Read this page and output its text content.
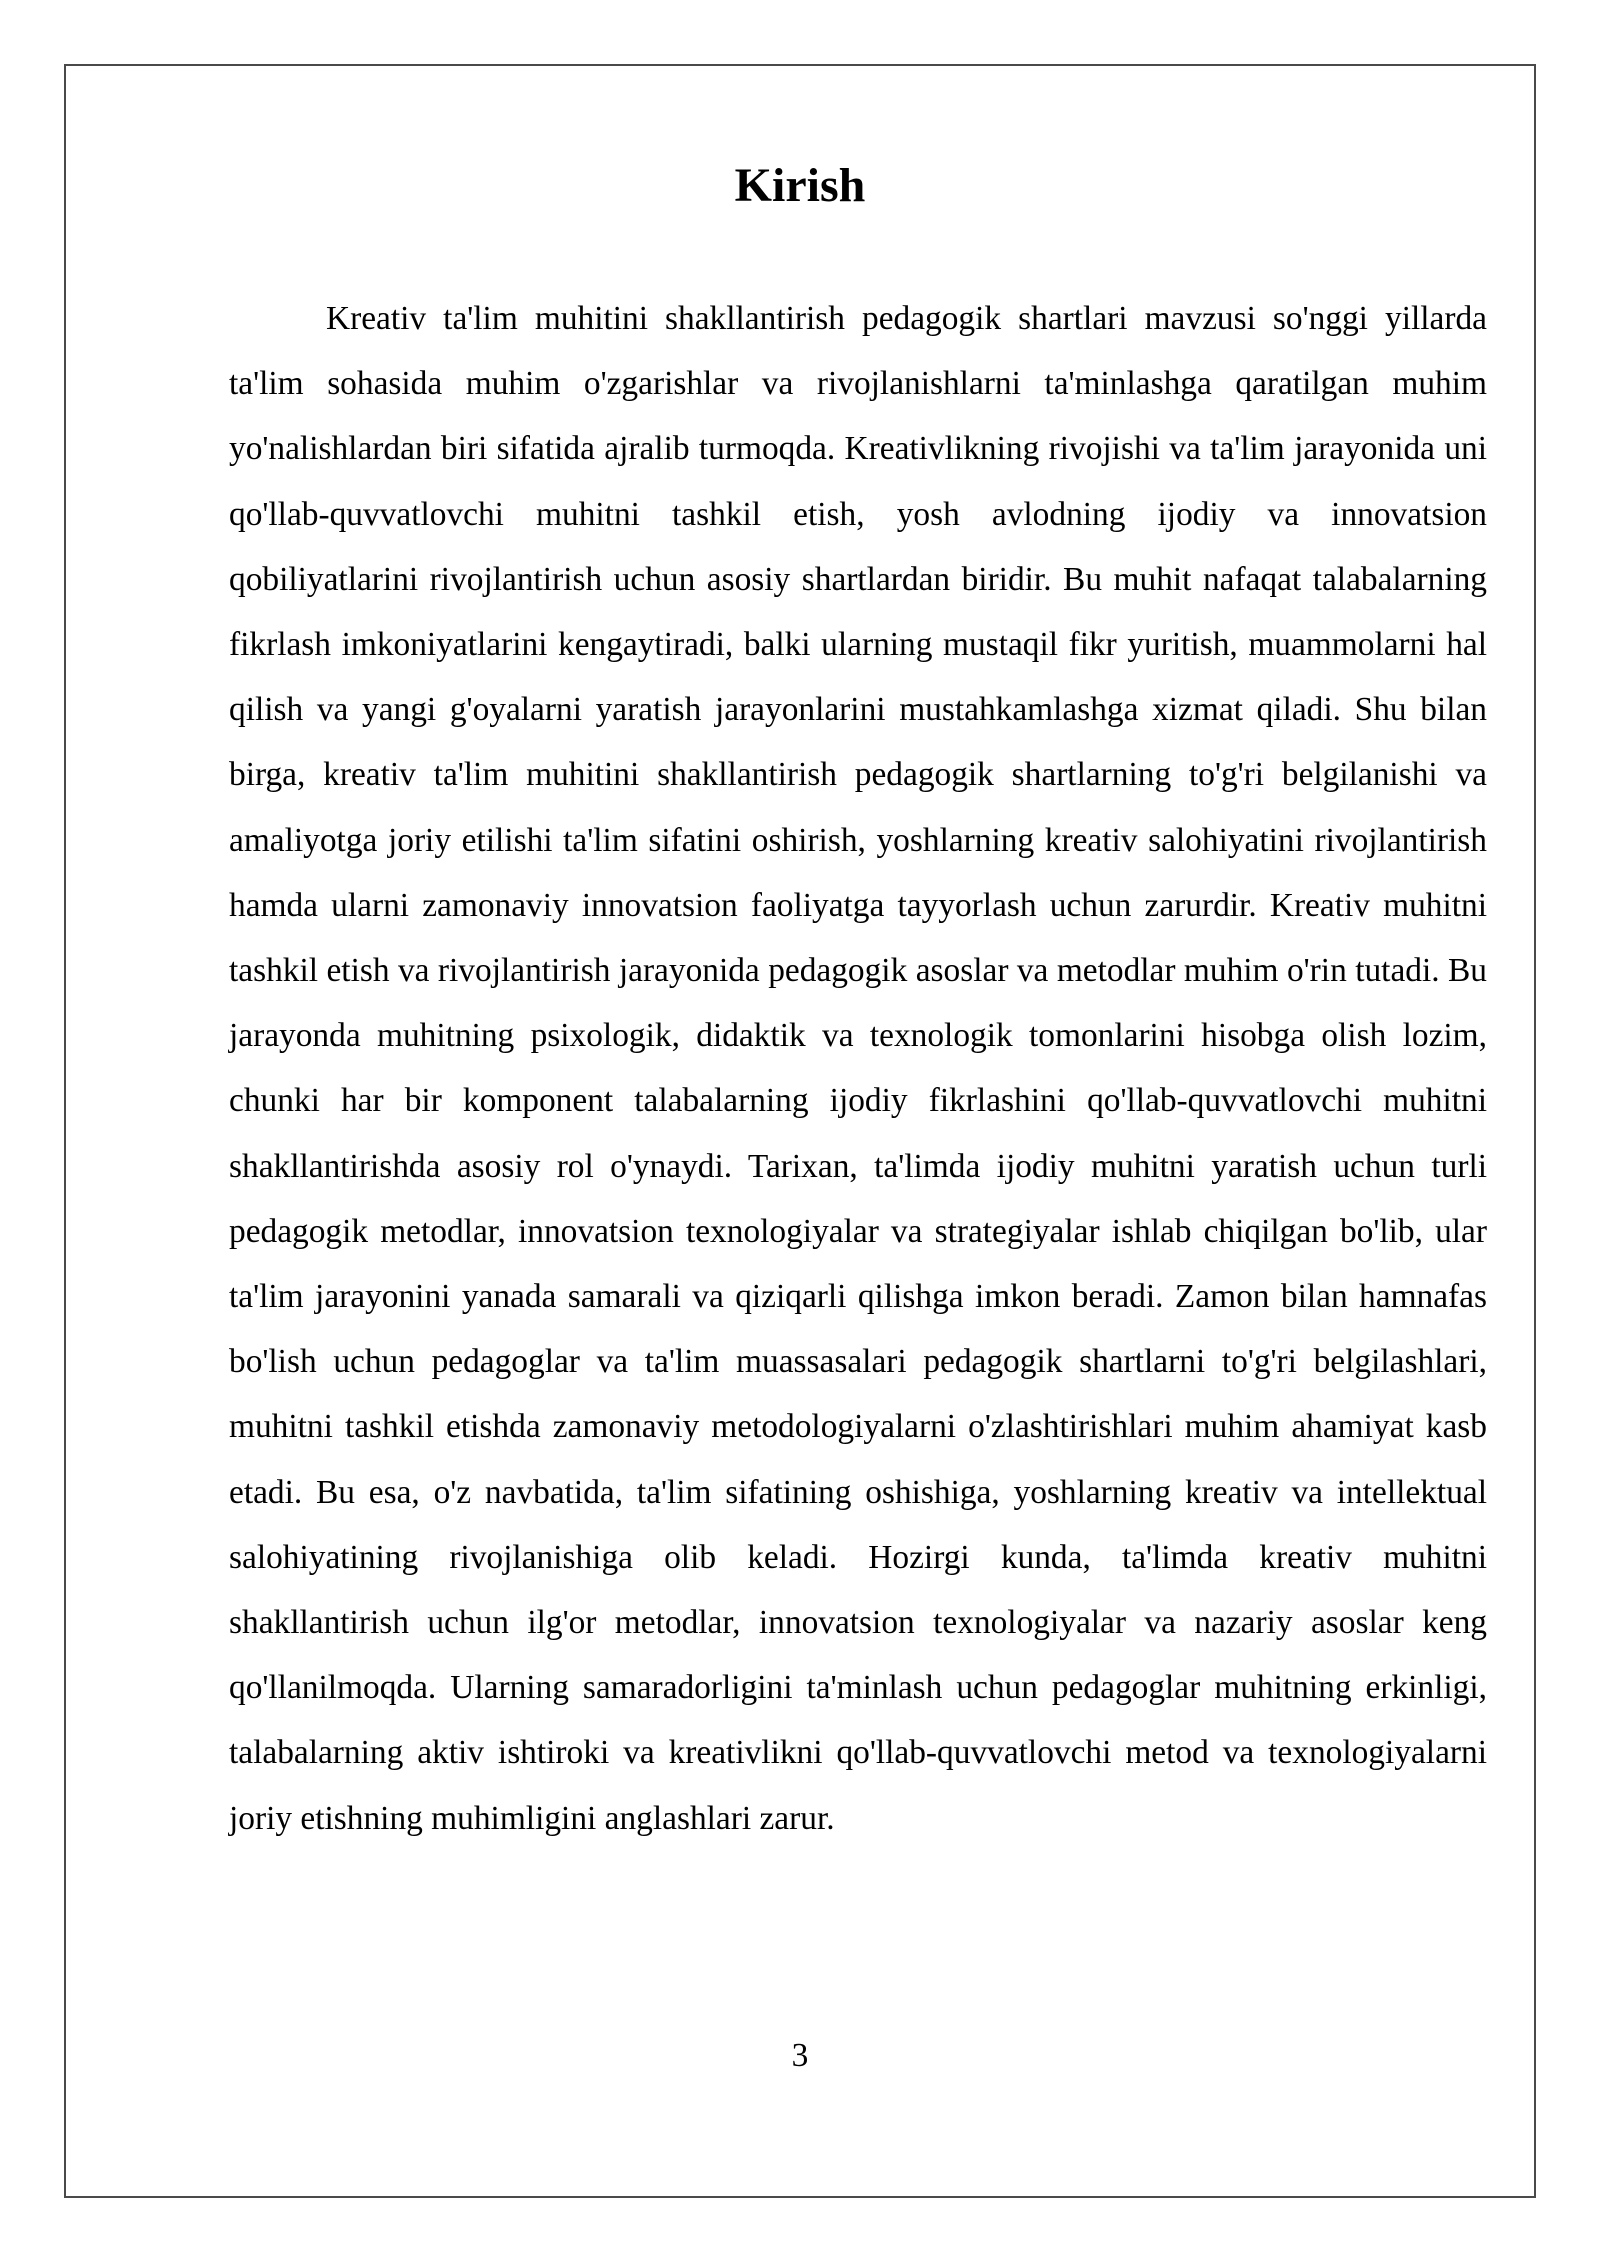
Kirish

Kreativ ta'lim muhitini shakllantirish pedagogik shartlari mavzusi so'nggi yillarda ta'lim sohasida muhim o'zgarishlar va rivojlanishlarni ta'minlashga qaratilgan muhim yo'nalishlardan biri sifatida ajralib turmoqda. Kreativlikning rivojishi va ta'lim jarayonida uni qo'llab-quvvatlovchi muhitni tashkil etish, yosh avlodning ijodiy va innovatsion qobiliyatlarini rivojlantirish uchun asosiy shartlardan biridir. Bu muhit nafaqat talabalarning fikrlash imkoniyatlarini kengaytiradi, balki ularning mustaqil fikr yuritish, muammolarni hal qilish va yangi g'oyalarni yaratish jarayonlarini mustahkamlashga xizmat qiladi. Shu bilan birga, kreativ ta'lim muhitini shakllantirish pedagogik shartlarning to'g'ri belgilanishi va amaliyotga joriy etilishi ta'lim sifatini oshirish, yoshlarning kreativ salohiyatini rivojlantirish hamda ularni zamonaviy innovatsion faoliyatga tayyorlash uchun zarurdir. Kreativ muhitni tashkil etish va rivojlantirish jarayonida pedagogik asoslar va metodlar muhim o'rin tutadi. Bu jarayonda muhitning psixologik, didaktik va texnologik tomonlarini hisobga olish lozim, chunki har bir komponent talabalarning ijodiy fikrlashini qo'llab-quvvatlovchi muhitni shakllantirishda asosiy rol o'ynaydi. Tarixan, ta'limda ijodiy muhitni yaratish uchun turli pedagogik metodlar, innovatsion texnologiyalar va strategiyalar ishlab chiqilgan bo'lib, ular ta'lim jarayonini yanada samarali va qiziqarli qilishga imkon beradi. Zamon bilan hamnafas bo'lish uchun pedagoglar va ta'lim muassasalari pedagogik shartlarni to'g'ri belgilashlari, muhitni tashkil etishda zamonaviy metodologiyalarni o'zlashtirishlari muhim ahamiyat kasb etadi. Bu esa, o'z navbatida, ta'lim sifatining oshishiga, yoshlarning kreativ va intellektual salohiyatining rivojlanishiga olib keladi. Hozirgi kunda, ta'limda kreativ muhitni shakllantirish uchun ilg'or metodlar, innovatsion texnologiyalar va nazariy asoslar keng qo'llanilmoqda. Ularning samaradorligini ta'minlash uchun pedagoglar muhitning erkinligi, talabalarning aktiv ishtiroki va kreativlikni qo'llab-quvvatlovchi metod va texnologiyalarni joriy etishning muhimligini anglashlari zarur.

3
